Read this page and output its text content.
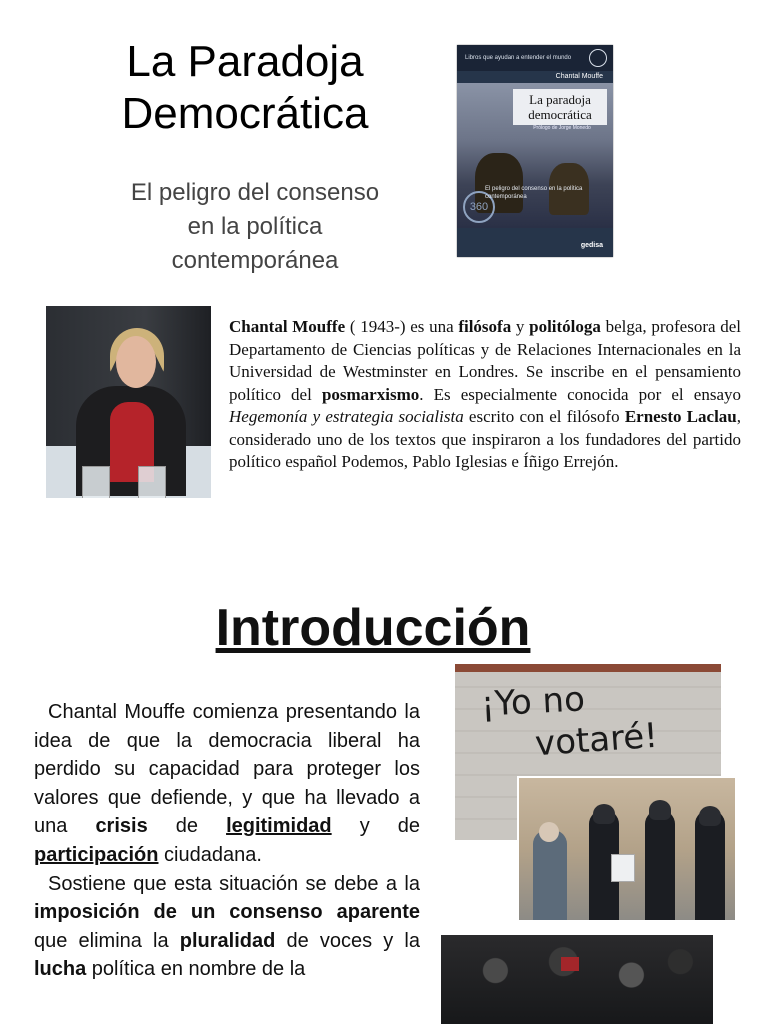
La Paradoja
Democrática
El peligro del consenso
en la política
contemporánea
Libros que ayudan a entender el mundo
Chantal Mouffe
La paradoja
democrática
Prólogo de Jorge Monedo
360
El peligro del consenso en la política contemporánea
gedisa
Chantal Mouffe ( 1943-) es una filósofa y politóloga belga, profesora del Departamento de Ciencias políticas y de Relaciones Internacionales en la Universidad de Westminster en Londres. Se inscribe en el pensamiento político del posmarxismo. Es especialmente conocida por el ensayo Hegemonía y estrategia socialista escrito con el filósofo Ernesto Laclau, considerado uno de los textos que inspiraron a los fundadores del partido político español Podemos, Pablo Iglesias e Íñigo Errejón.
Introducción

Chantal Mouffe comienza presentando la idea de que la democracia liberal ha perdido su capacidad para proteger los valores que defiende, y que ha llevado a una crisis de legitimidad y de participación ciudadana.

Sostiene que esta situación se debe a la imposición de un consenso aparente que elimina la pluralidad de voces y la lucha política en nombre de la

¡Yo no
votaré!
